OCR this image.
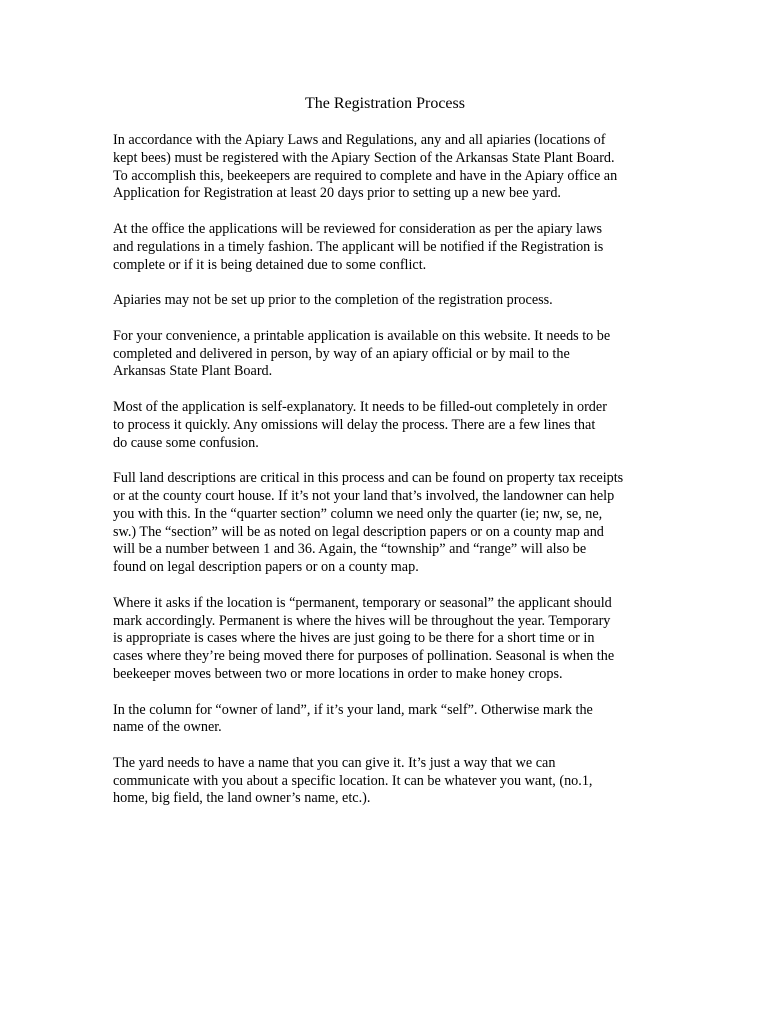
The Registration Process

In accordance with the Apiary Laws and Regulations, any and all apiaries (locations of
kept bees) must be registered with the Apiary Section of the Arkansas State Plant Board.
To accomplish this, beekeepers are required to complete and have in the Apiary office an
Application for Registration at least 20 days prior to setting up a new bee yard.

At the office the applications will be reviewed for consideration as per the apiary laws
and regulations in a timely fashion. The applicant will be notified if the Registration is
complete or if it is being detained due to some conflict.

Apiaries may not be set up prior to the completion of the registration process.

For your convenience, a printable application is available on this website. It needs to be
completed and delivered in person, by way of an apiary official or by mail to the
Arkansas State Plant Board.

Most of the application is self-explanatory. It needs to be filled-out completely in order
to process it quickly. Any omissions will delay the process. There are a few lines that
do cause some confusion.

Full land descriptions are critical in this process and can be found on property tax receipts
or at the county court house. If it’s not your land that’s involved, the landowner can help
you with this. In the “quarter section” column we need only the quarter (ie; nw, se, ne,
sw.) The “section” will be as noted on legal description papers or on a county map and
will be a number between 1 and 36. Again, the “township” and “range” will also be
found on legal description papers or on a county map.

Where it asks if the location is “permanent, temporary or seasonal” the applicant should
mark accordingly. Permanent is where the hives will be throughout the year. Temporary
is appropriate is cases where the hives are just going to be there for a short time or in
cases where they’re being moved there for purposes of pollination. Seasonal is when the
beekeeper moves between two or more locations in order to make honey crops.

In the column for “owner of land”, if it’s your land, mark “self”. Otherwise mark the
name of the owner.

The yard needs to have a name that you can give it. It’s just a way that we can
communicate with you about a specific location. It can be whatever you want, (no.1,
home, big field, the land owner’s name, etc.).
